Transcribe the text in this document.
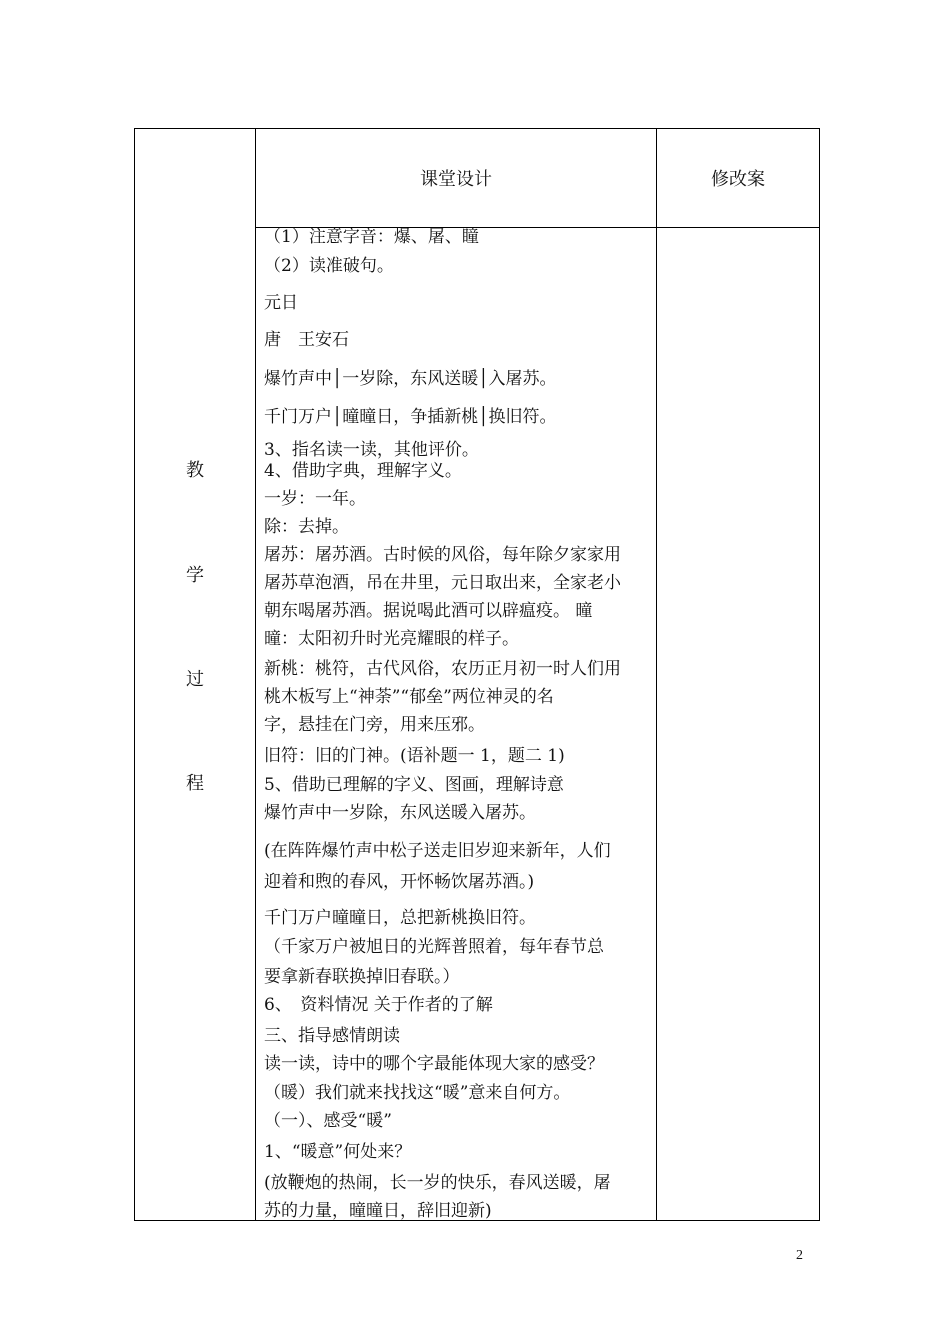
课堂设计	修改案
教
学
过
程
（1）注意字音：爆、屠、瞳
（2）读准破句。
元日
唐　王安石
爆竹声中│一岁除，东风送暖│入屠苏。
千门万户│曈曈日，争插新桃│换旧符。
3、指名读一读，其他评价。
4、借助字典，理解字义。
一岁：一年。
除：去掉。
屠苏：屠苏酒。古时候的风俗，每年除夕家家用
屠苏草泡酒，吊在井里，元日取出来，全家老小
朝东喝屠苏酒。据说喝此酒可以辟瘟疫。 曈
曈：太阳初升时光亮耀眼的样子。
新桃：桃符，古代风俗，农历正月初一时人们用
桃木板写上“神荼”“郁垒”两位神灵的名
字，悬挂在门旁，用来压邪。
旧符：旧的门神。(语补题一 1，题二 1)
5、借助已理解的字义、图画，理解诗意
爆竹声中一岁除，东风送暖入屠苏。
(在阵阵爆竹声中松子送走旧岁迎来新年，人们
迎着和煦的春风，开怀畅饮屠苏酒。)
千门万户曈曈日，总把新桃换旧符。
（千家万户被旭日的光辉普照着，每年春节总
要拿新春联换掉旧春联。）
6、　资料情况 关于作者的了解
三、指导感情朗读
读一读，诗中的哪个字最能体现大家的感受？
（暖）我们就来找找这“暖”意来自何方。
（一）、感受“暖”
1、“暖意”何处来？
(放鞭炮的热闹，长一岁的快乐，春风送暖，屠
苏的力量，曈曈日，辞旧迎新)
2
